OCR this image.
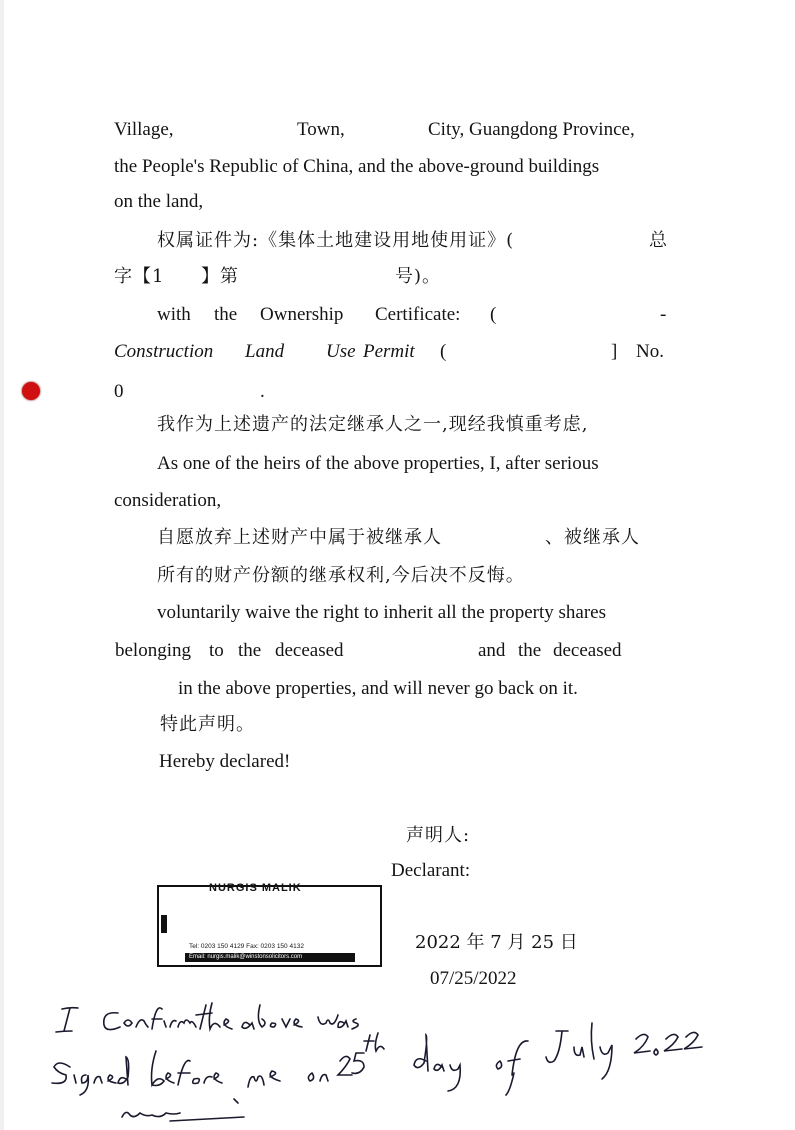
Village,	Town,	City, Guangdong Province,
the People's Republic of China, and the above-ground buildings
on the land,
权属证件为:《集体土地建设用地使用证》(	总
字【1 】第	号)。
with the Ownership Certificate: (	-
Construction Land Use Permit (	] No.
0	.
我作为上述遗产的法定继承人之一,现经我慎重考虑,
As one of the heirs of the above properties, I, after serious
consideration,
自愿放弃上述财产中属于被继承人	、被继承人
所有的财产份额的继承权利,今后决不反悔。
voluntarily waive the right to inherit all the property shares
belonging to the deceased	and the deceased
in the above properties, and will never go back on it.
特此声明。
Hereby declared!
声明人:
Declarant:
2022 年 7 月 25 日
07/25/2022
NURGIS MALIK
Tel: 0203 150 4129 Fax: 0203 150 4132
Email: nurgis.malik@winstonsolicitors.com
